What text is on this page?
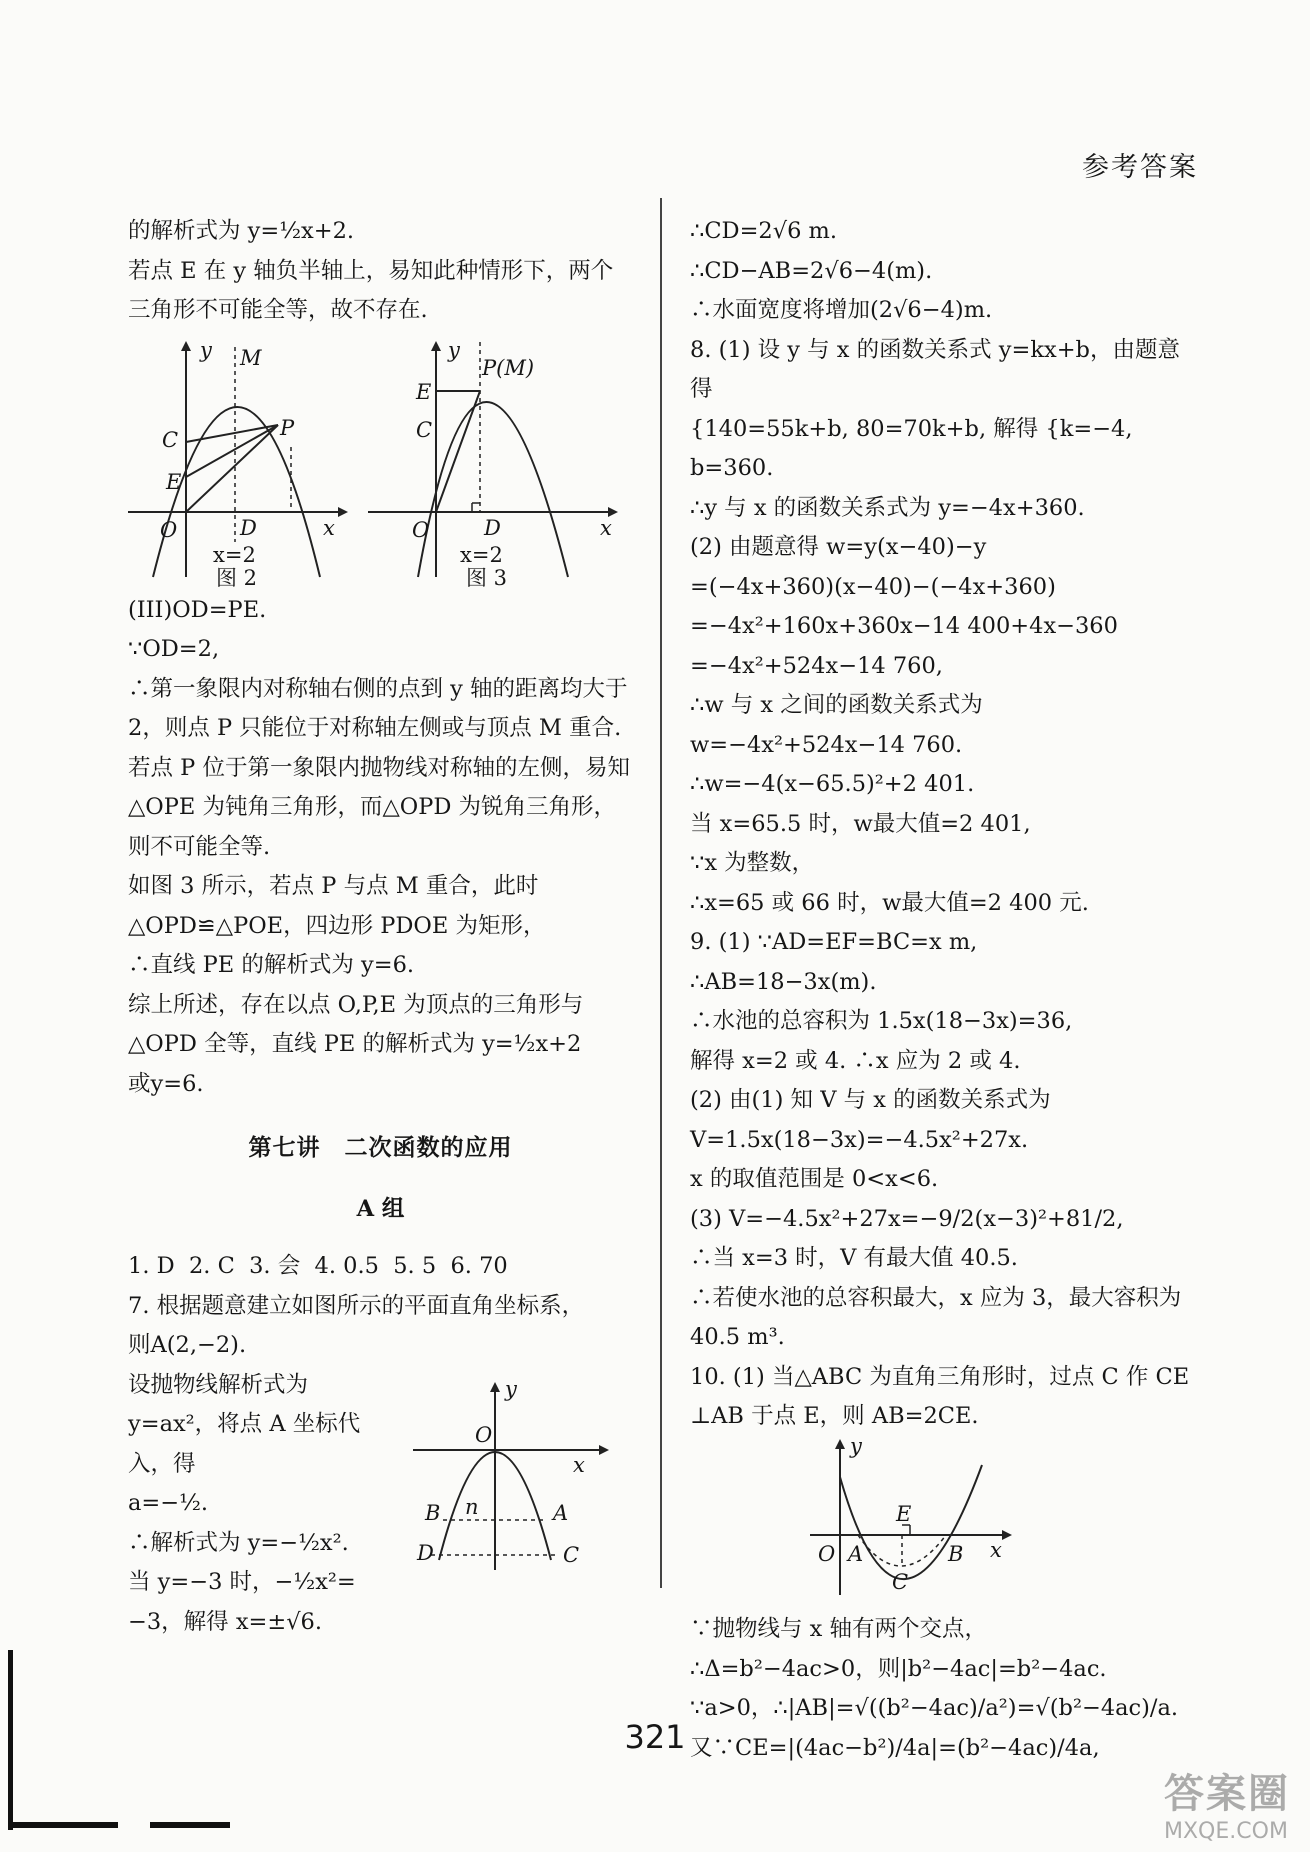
参考答案

的解析式为 y=½x+2.

若点 E 在 y 轴负半轴上，易知此种情形下，两个三角形不可能全等，故不存在.

y M
C	P
E
O	D	x
x=2
图 2
y
P(M)
E
C
O	D	x
x=2
图 3

(III)OD=PE.

∵OD=2,

∴第一象限内对称轴右侧的点到 y 轴的距离均大于 2，则点 P 只能位于对称轴左侧或与顶点 M 重合.

若点 P 位于第一象限内抛物线对称轴的左侧，易知△OPE 为钝角三角形，而△OPD 为锐角三角形，则不可能全等.

如图 3 所示，若点 P 与点 M 重合，此时△OPD≌△POE，四边形 PDOE 为矩形，

∴直线 PE 的解析式为 y=6.

综上所述，存在以点 O,P,E 为顶点的三角形与△OPD 全等，直线 PE 的解析式为 y=½x+2

或y=6.

第七讲　二次函数的应用
A 组

1. D  2. C  3. 会  4. 0.5  5. 5  6. 70

7. 根据题意建立如图所示的平面直角坐标系，

则A(2,−2).

设抛物线解析式为 y=ax²，将点 A 坐标代入，得

a=−½.

∴解析式为 y=−½x².

当 y=−3 时，−½x²=

−3，解得 x=±√6.

y
O
x
B n	A
D	C

∴CD=2√6 m.

∴CD−AB=2√6−4(m).

∴水面宽度将增加(2√6−4)m.

8. (1) 设 y 与 x 的函数关系式 y=kx+b，由题意得

{140=55k+b, 80=70k+b, 解得 {k=−4, b=360.

∴y 与 x 的函数关系式为 y=−4x+360.

(2) 由题意得 w=y(x−40)−y

=(−4x+360)(x−40)−(−4x+360)

=−4x²+160x+360x−14 400+4x−360

=−4x²+524x−14 760,

∴w 与 x 之间的函数关系式为 w=−4x²+524x−14 760.

∴w=−4(x−65.5)²+2 401.

当 x=65.5 时，w最大值=2 401,

∵x 为整数，

∴x=65 或 66 时，w最大值=2 400 元.

9. (1) ∵AD=EF=BC=x m,

∴AB=18−3x(m).

∴水池的总容积为 1.5x(18−3x)=36,

解得 x=2 或 4. ∴x 应为 2 或 4.

(2) 由(1) 知 V 与 x 的函数关系式为

V=1.5x(18−3x)=−4.5x²+27x.

x 的取值范围是 0<x<6.

(3) V=−4.5x²+27x=−9/2(x−3)²+81/2,

∴当 x=3 时，V 有最大值 40.5.

∴若使水池的总容积最大，x 应为 3，最大容积为 40.5 m³.

10. (1) 当△ABC 为直角三角形时，过点 C 作 CE ⊥AB 于点 E，则 AB=2CE.

y
E
O A	B x
C

∵抛物线与 x 轴有两个交点，

∴Δ=b²−4ac>0，则|b²−4ac|=b²−4ac.

∵a>0，∴|AB|=√((b²−4ac)/a²)=√(b²−4ac)/a.

又∵CE=|(4ac−b²)/4a|=(b²−4ac)/4a,

321
答案圈
MXQE.COM
